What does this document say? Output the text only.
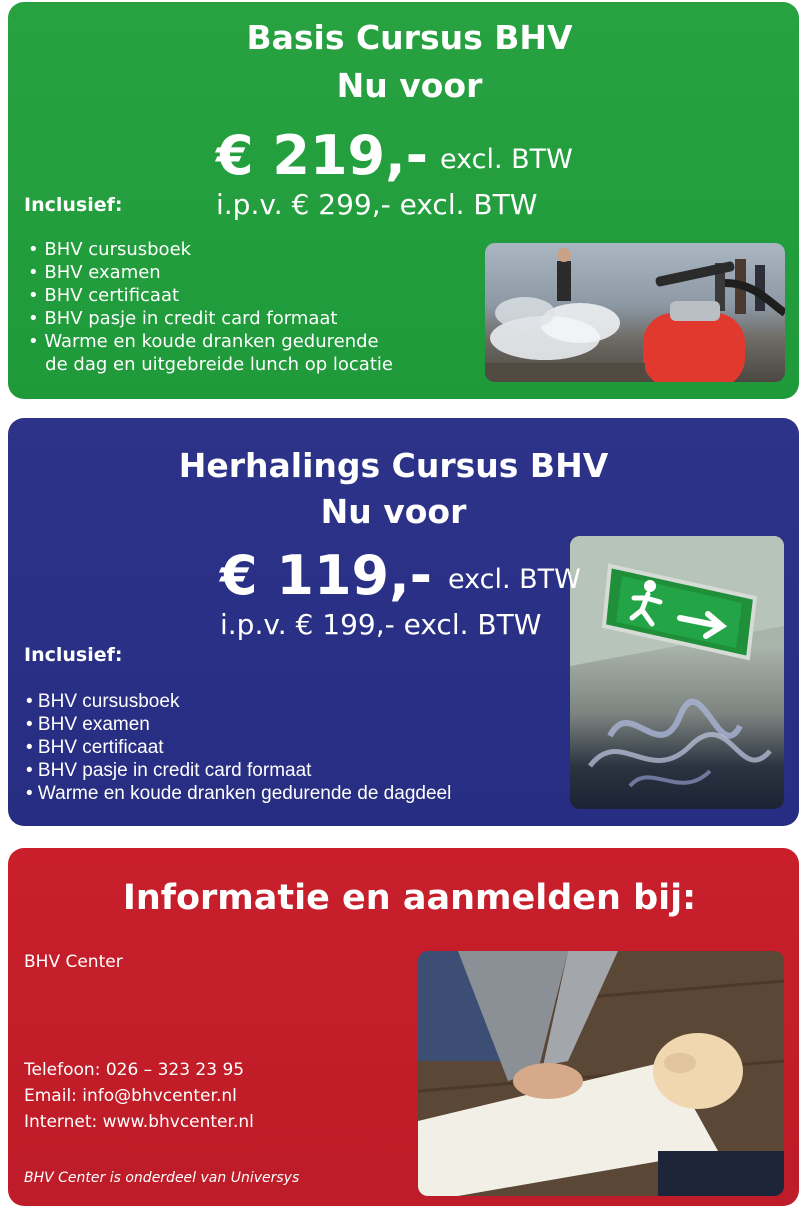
Basis Cursus BHV
Nu voor
€ 219,- excl. BTW
i.p.v. € 299,- excl. BTW
Inclusief:
• BHV cursusboek
• BHV examen
• BHV certificaat
• BHV pasje in credit card formaat
• Warme en koude dranken gedurende
de dag en uitgebreide lunch op locatie
Herhalings Cursus BHV
Nu voor
€ 119,- excl. BTW
i.p.v. € 199,- excl. BTW
Inclusief:
• BHV cursusboek
• BHV examen
• BHV certificaat
• BHV pasje in credit card formaat
• Warme en koude dranken gedurende de dagdeel
Informatie en aanmelden bij:
BHV Center
Telefoon: 026 – 323 23 95
Email: info@bhvcenter.nl
Internet: www.bhvcenter.nl
BHV Center is onderdeel van Universys
